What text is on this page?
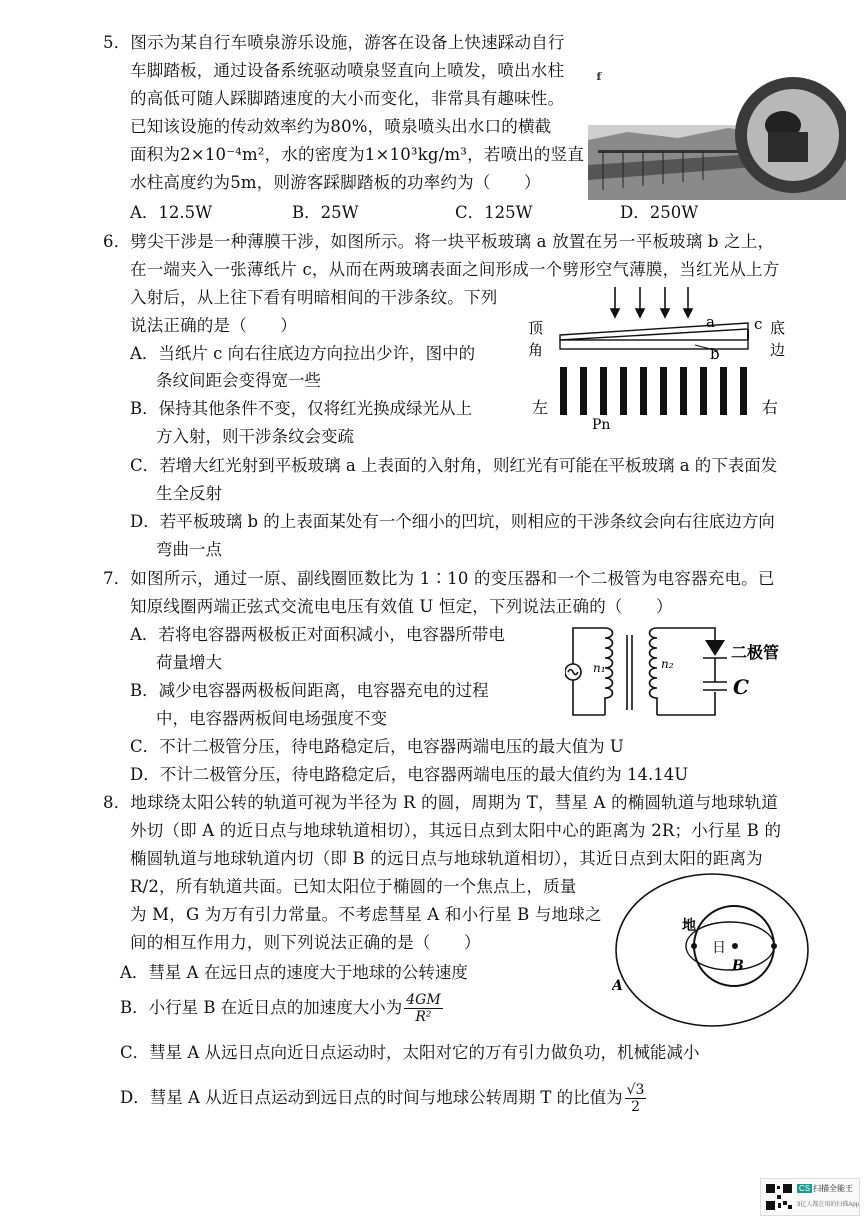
5．图示为某自行车喷泉游乐设施，游客在设备上快速踩动自行
车脚踏板，通过设备系统驱动喷泉竖直向上喷发，喷出水柱
的高低可随人踩脚踏速度的大小而变化，非常具有趣味性。
已知该设施的传动效率约为80%，喷泉喷头出水口的横截
面积为2×10⁻⁴m²，水的密度为1×10³kg/m³，若喷出的竖直
水柱高度约为5m，则游客踩脚踏板的功率约为（　　）
A．12.5W	B．25W	C．125W	D．250W
ᶠ
6．劈尖干涉是一种薄膜干涉，如图所示。将一块平板玻璃 a 放置在另一平板玻璃 b 之上，
在一端夹入一张薄纸片 c，从而在两玻璃表面之间形成一个劈形空气薄膜，当红光从上方
入射后，从上往下看有明暗相间的干涉条纹。下列
说法正确的是（　　）
A．当纸片 c 向右往底边方向拉出少许，图中的
条纹间距会变得宽一些
B．保持其他条件不变，仅将红光换成绿光从上
方入射，则干涉条纹会变疏
C．若增大红光射到平板玻璃 a 上表面的入射角，则红光有可能在平板玻璃 a 的下表面发
生全反射
D．若平板玻璃 b 的上表面某处有一个细小的凹坑，则相应的干涉条纹会向右往底边方向
弯曲一点
顶
角
a
b
c 底
边
左	右
Pn
7．如图所示，通过一原、副线圈匝数比为 1∶10 的变压器和一个二极管为电容器充电。已
知原线圈两端正弦式交流电电压有效值 U 恒定，下列说法正确的（　　）
A．若将电容器两极板正对面积减小，电容器所带电
荷量增大
B．减少电容器两极板间距离，电容器充电的过程
中，电容器两板间电场强度不变
C．不计二极管分压，待电路稳定后，电容器两端电压的最大值为 U
D．不计二极管分压，待电路稳定后，电容器两端电压的最大值约为 14.14U
n₁	n₂
二极管
C
8．地球绕太阳公转的轨道可视为半径为 R 的圆，周期为 T，彗星 A 的椭圆轨道与地球轨道
外切（即 A 的近日点与地球轨道相切），其远日点到太阳中心的距离为 2R；小行星 B 的
椭圆轨道与地球轨道内切（即 B 的远日点与地球轨道相切），其近日点到太阳的距离为
R/2，所有轨道共面。已知太阳位于椭圆的一个焦点上，质量
为 M，G 为万有引力常量。不考虑彗星 A 和小行星 B 与地球之
间的相互作用力，则下列说法正确的是（　　）
A．彗星 A 在远日点的速度大于地球的公转速度
B．小行星 B 在近日点的加速度大小为 $\frac{4GM}{\text{R²}}$
C．彗星 A 从远日点向近日点运动时，太阳对它的万有引力做负功，机械能减小
D．彗星 A 从近日点运动到远日点的时间与地球公转周期 T 的比值为 $\frac{√3}{2}$
地
日
A
B
CS 扫描全能王
3亿人都在用的扫描App
